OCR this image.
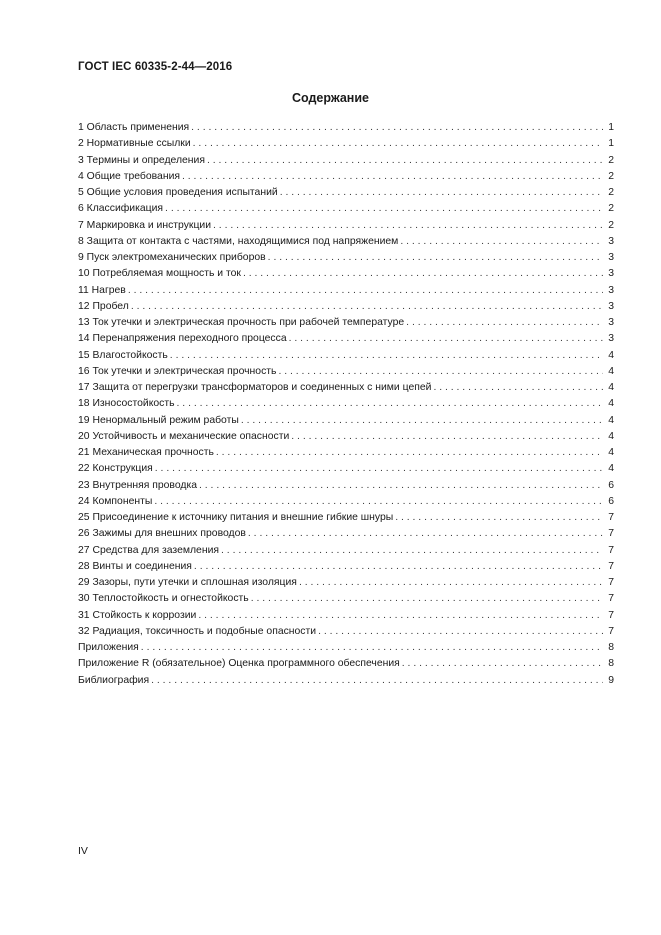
ГОСТ IEC 60335-2-44—2016
Содержание
1 Область применения . . .	1
2 Нормативные ссылки . . .	1
3 Термины и определения . . .	2
4 Общие требования . . .	2
5 Общие условия проведения испытаний . . .	2
6 Классификация . . .	2
7 Маркировка и инструкции . . .	2
8 Защита от контакта с частями, находящимися под напряжением . . .	3
9 Пуск электромеханических приборов . . .	3
10 Потребляемая мощность и ток . . .	3
11 Нагрев . . .	3
12 Пробел . . .	3
13 Ток утечки и электрическая прочность при рабочей температуре . . .	3
14 Перенапряжения переходного процесса . . .	3
15 Влагостойкость . . .	4
16 Ток утечки и электрическая прочность . . .	4
17 Защита от перегрузки трансформаторов и соединенных с ними цепей . . .	4
18 Износостойкость . . .	4
19 Ненормальный режим работы . . .	4
20 Устойчивость и механические опасности . . .	4
21 Механическая прочность . . .	4
22 Конструкция . . .	4
23 Внутренняя проводка . . .	6
24 Компоненты . . .	6
25 Присоединение к источнику питания и внешние гибкие шнуры . . .	7
26 Зажимы для внешних проводов . . .	7
27 Средства для заземления . . .	7
28 Винты и соединения . . .	7
29 Зазоры, пути утечки и сплошная изоляция . . .	7
30 Теплостойкость и огнестойкость . . .	7
31 Стойкость к коррозии . . .	7
32 Радиация, токсичность и подобные опасности . . .	7
Приложения . . .	8
Приложение R (обязательное) Оценка программного обеспечения . . .	8
Библиография . . .	9
IV
